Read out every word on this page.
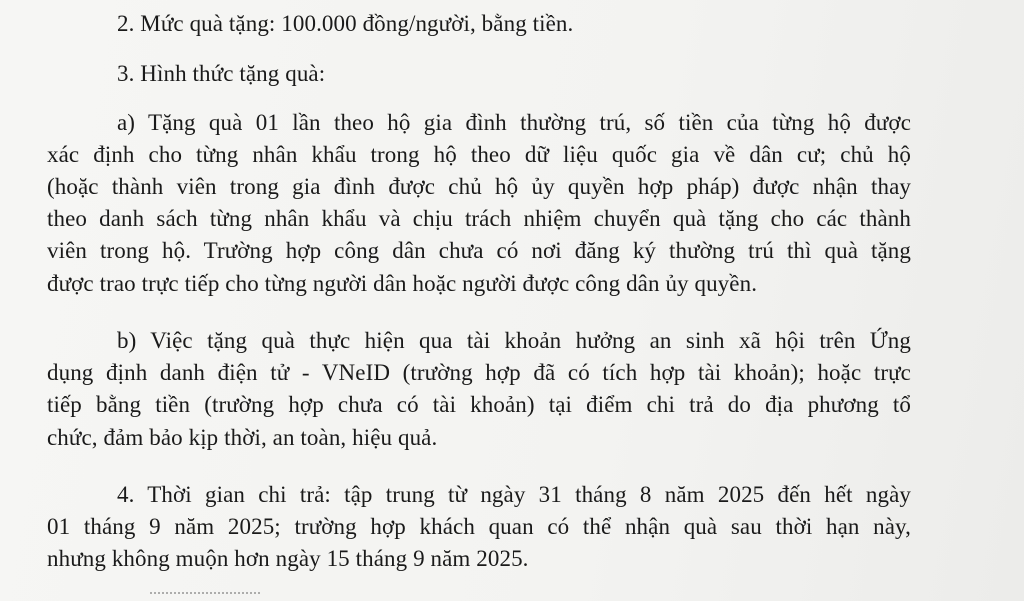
2. Mức quà tặng: 100.000 đồng/người, bằng tiền.
3. Hình thức tặng quà:
a) Tặng quà 01 lần theo hộ gia đình thường trú, số tiền của từng hộ được
xác định cho từng nhân khẩu trong hộ theo dữ liệu quốc gia về dân cư; chủ hộ
(hoặc thành viên trong gia đình được chủ hộ ủy quyền hợp pháp) được nhận thay
theo danh sách từng nhân khẩu và chịu trách nhiệm chuyển quà tặng cho các thành
viên trong hộ. Trường hợp công dân chưa có nơi đăng ký thường trú thì quà tặng
được trao trực tiếp cho từng người dân hoặc người được công dân ủy quyền.
b) Việc tặng quà thực hiện qua tài khoản hưởng an sinh xã hội trên Ứng
dụng định danh điện tử - VNeID (trường hợp đã có tích hợp tài khoản); hoặc trực
tiếp bằng tiền (trường hợp chưa có tài khoản) tại điểm chi trả do địa phương tổ
chức, đảm bảo kịp thời, an toàn, hiệu quả.
4. Thời gian chi trả: tập trung từ ngày 31 tháng 8 năm 2025 đến hết ngày
01 tháng 9 năm 2025; trường hợp khách quan có thể nhận quà sau thời hạn này,
nhưng không muộn hơn ngày 15 tháng 9 năm 2025.
